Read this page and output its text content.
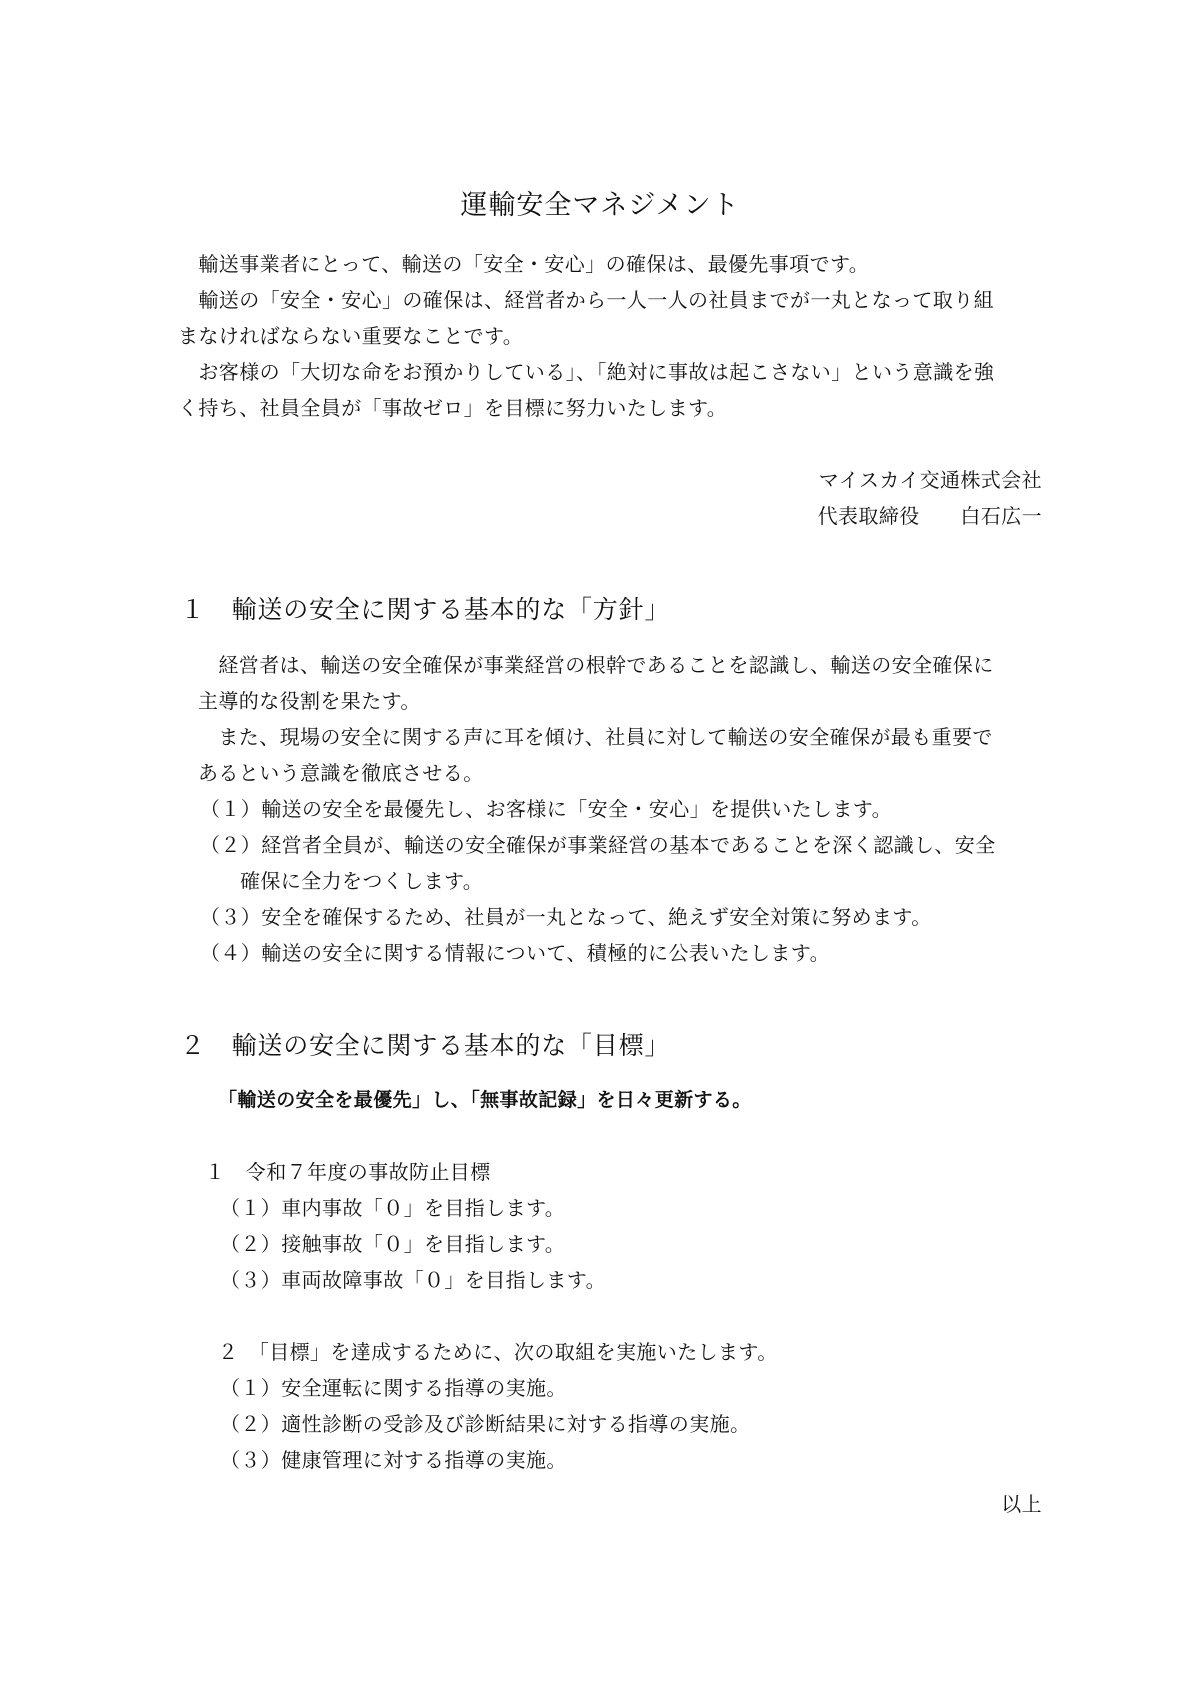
運輸安全マネジメント
　輸送事業者にとって、輸送の「安全・安心」の確保は、最優先事項です。
　輸送の「安全・安心」の確保は、経営者から一人一人の社員までが一丸となって取り組
まなければならない重要なことです。
　お客様の「大切な命をお預かりしている」、「絶対に事故は起こさない」という意識を強
く持ち、社員全員が「事故ゼロ」を目標に努力いたします。
マイスカイ交通株式会社
代表取締役　　白石広一
１　輸送の安全に関する基本的な「方針」
　経営者は、輸送の安全確保が事業経営の根幹であることを認識し、輸送の安全確保に
主導的な役割を果たす。
　また、現場の安全に関する声に耳を傾け、社員に対して輸送の安全確保が最も重要で
あるという意識を徹底させる。
（１）輸送の安全を最優先し、お客様に「安全・安心」を提供いたします。
（２）経営者全員が、輸送の安全確保が事業経営の基本であることを深く認識し、安全
確保に全力をつくします。
（３）安全を確保するため、社員が一丸となって、絶えず安全対策に努めます。
（４）輸送の安全に関する情報について、積極的に公表いたします。
２　輸送の安全に関する基本的な「目標」
「輸送の安全を最優先」し、「無事故記録」を日々更新する。
１　令和７年度の事故防止目標
（１）車内事故「０」を目指します。
（２）接触事故「０」を目指します。
（３）車両故障事故「０」を目指します。
２　「目標」を達成するために、次の取組を実施いたします。
（１）安全運転に関する指導の実施。
（２）適性診断の受診及び診断結果に対する指導の実施。
（３）健康管理に対する指導の実施。
以上
